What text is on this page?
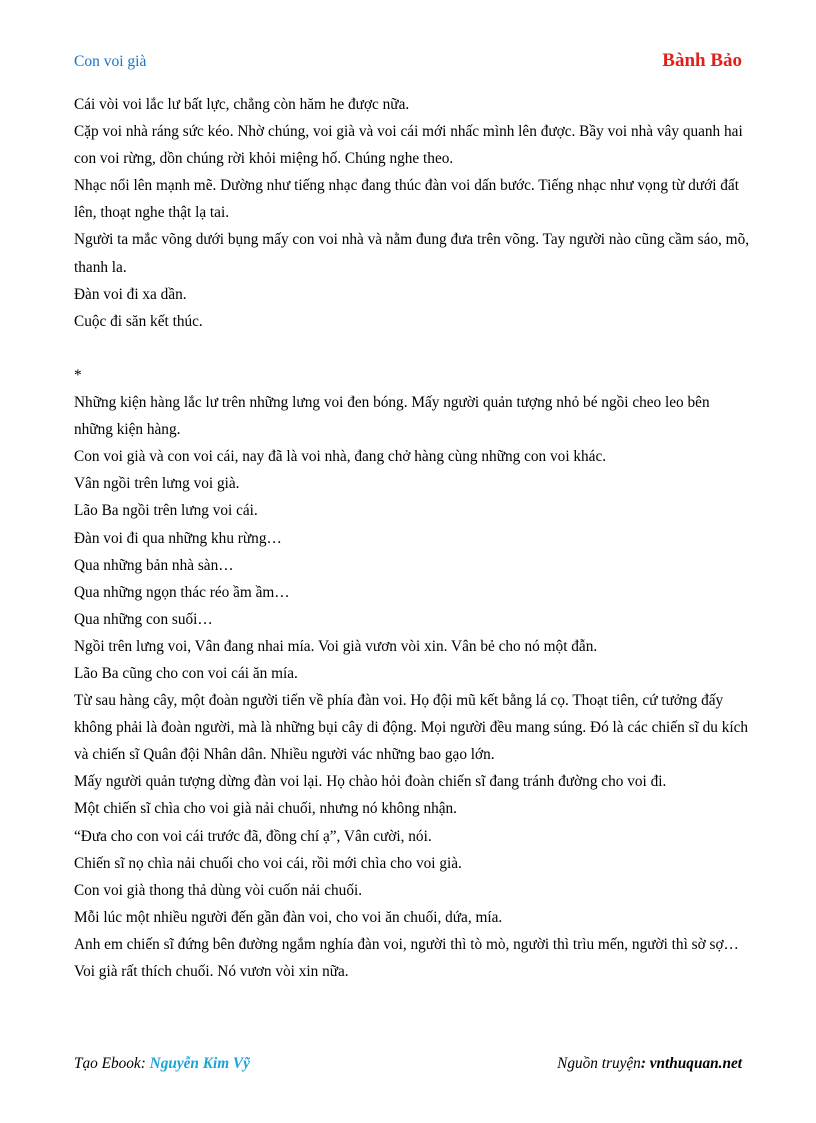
Con voi già	Bành Bảo

Cái vòi voi lắc lư bất lực, chẳng còn hăm he được nữa.

Cặp voi nhà ráng sức kéo. Nhờ chúng, voi già và voi cái mới nhấc mình lên được. Bầy voi nhà vây quanh hai con voi rừng, dồn chúng rời khỏi miệng hố. Chúng nghe theo.

Nhạc nổi lên mạnh mẽ. Dường như tiếng nhạc đang thúc đàn voi dấn bước. Tiếng nhạc như vọng từ dưới đất lên, thoạt nghe thật lạ tai.

Người ta mắc võng dưới bụng mấy con voi nhà và nằm đung đưa trên võng. Tay người nào cũng cầm sáo, mõ, thanh la.

Đàn voi đi xa dần.

Cuộc đi săn kết thúc.

*

Những kiện hàng lắc lư trên những lưng voi đen bóng. Mấy người quản tượng nhỏ bé ngồi cheo leo bên những kiện hàng.

Con voi già và con voi cái, nay đã là voi nhà, đang chở hàng cùng những con voi khác.

Vân ngồi trên lưng voi già.

Lão Ba ngồi trên lưng voi cái.

Đàn voi đi qua những khu rừng…

Qua những bản nhà sàn…

Qua những ngọn thác réo ầm ầm…

Qua những con suối…

Ngồi trên lưng voi, Vân đang nhai mía. Voi già vươn vòi xin. Vân bẻ cho nó một đẫn.

Lão Ba cũng cho con voi cái ăn mía.

Từ sau hàng cây, một đoàn người tiến về phía đàn voi. Họ đội mũ kết bằng lá cọ. Thoạt tiên, cứ tưởng đấy không phải là đoàn người, mà là những bụi cây di động. Mọi người đều mang súng. Đó là các chiến sĩ du kích và chiến sĩ Quân đội Nhân dân. Nhiều người vác những bao gạo lớn.

Mấy người quản tượng dừng đàn voi lại. Họ chào hỏi đoàn chiến sĩ đang tránh đường cho voi đi.

Một chiến sĩ chìa cho voi già nải chuối, nhưng nó không nhận.

“Đưa cho con voi cái trước đã, đồng chí ạ”, Vân cười, nói.

Chiến sĩ nọ chìa nải chuối cho voi cái, rồi mới chìa cho voi già.

Con voi già thong thả dùng vòi cuốn nải chuối.

Mỗi lúc một nhiều người đến gần đàn voi, cho voi ăn chuối, dứa, mía.

Anh em chiến sĩ đứng bên đường ngắm nghía đàn voi, người thì tò mò, người thì trìu mến, người thì sờ sợ…

Voi già rất thích chuối. Nó vươn vòi xin nữa.

Tạo Ebook: Nguyễn Kim Vỹ	Nguồn truyện: vnthuquan.net
